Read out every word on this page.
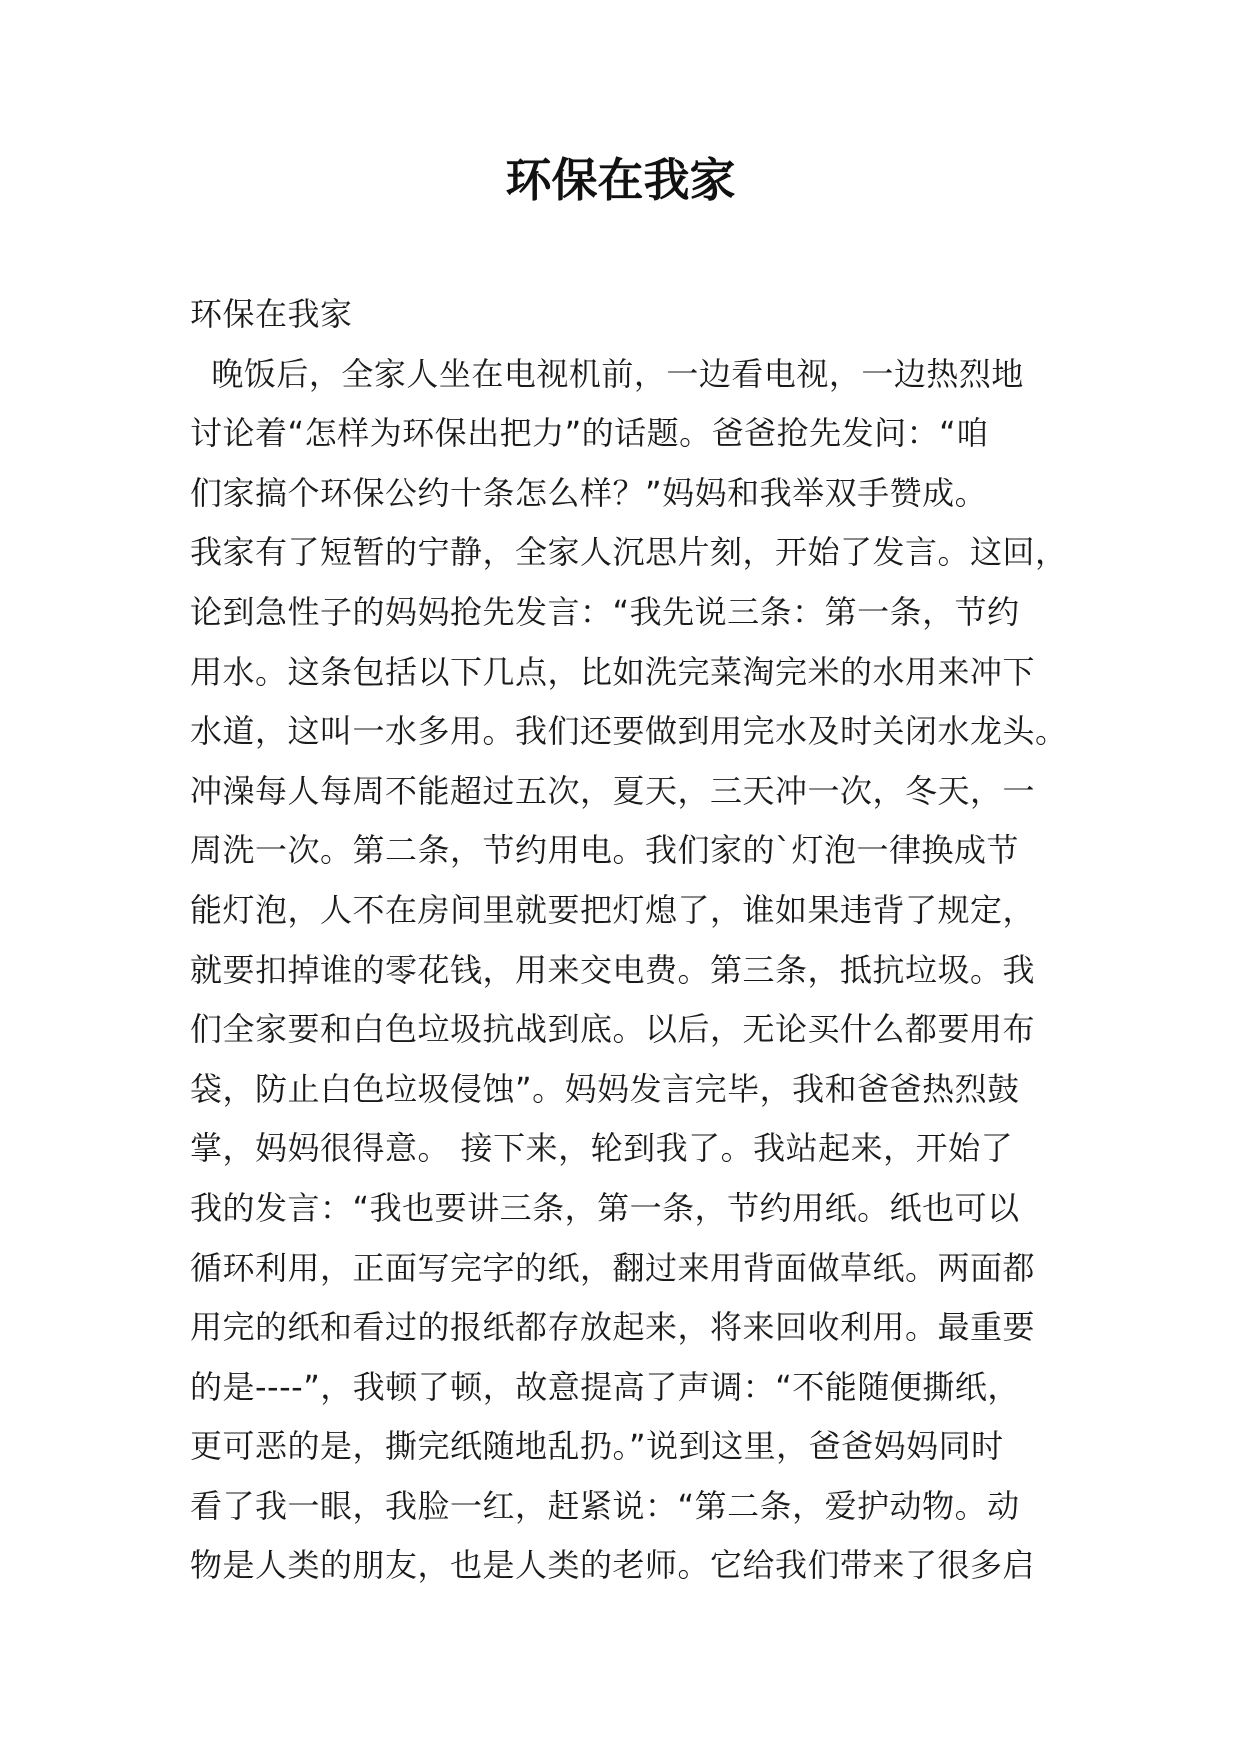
环保在我家
环保在我家
晚饭后，全家人坐在电视机前，一边看电视，一边热烈地
讨论着“怎样为环保出把力”的话题。爸爸抢先发问：“咱
们家搞个环保公约十条怎么样？”妈妈和我举双手赞成。
我家有了短暂的宁静，全家人沉思片刻，开始了发言。这回，
论到急性子的妈妈抢先发言：“我先说三条：第一条，节约
用水。这条包括以下几点，比如洗完菜淘完米的水用来冲下
水道，这叫一水多用。我们还要做到用完水及时关闭水龙头。
冲澡每人每周不能超过五次，夏天，三天冲一次，冬天，一
周洗一次。第二条，节约用电。我们家的`灯泡一律换成节
能灯泡，人不在房间里就要把灯熄了，谁如果违背了规定，
就要扣掉谁的零花钱，用来交电费。第三条，抵抗垃圾。我
们全家要和白色垃圾抗战到底。以后，无论买什么都要用布
袋，防止白色垃圾侵蚀”。妈妈发言完毕，我和爸爸热烈鼓
掌，妈妈很得意。 接下来，轮到我了。我站起来，开始了
我的发言：“我也要讲三条，第一条，节约用纸。纸也可以
循环利用，正面写完字的纸，翻过来用背面做草纸。两面都
用完的纸和看过的报纸都存放起来，将来回收利用。最重要
的是----”，我顿了顿，故意提高了声调：“不能随便撕纸，
更可恶的是，撕完纸随地乱扔。”说到这里，爸爸妈妈同时
看了我一眼，我脸一红，赶紧说：“第二条，爱护动物。动
物是人类的朋友，也是人类的老师。它给我们带来了很多启
